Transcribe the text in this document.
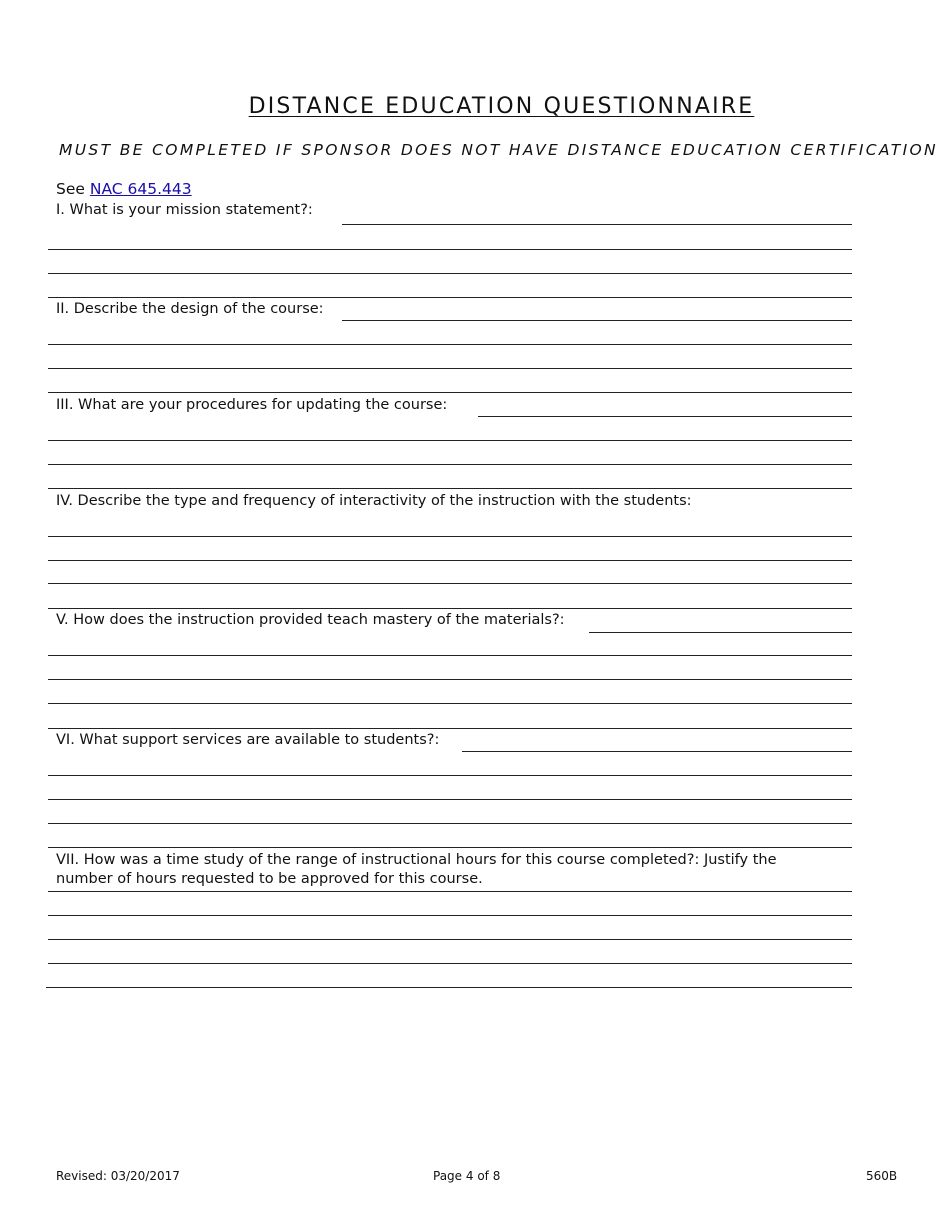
DISTANCE EDUCATION QUESTIONNAIRE
MUST BE COMPLETED IF SPONSOR DOES NOT HAVE DISTANCE EDUCATION CERTIFICATION
See NAC 645.443
I. What is your mission statement?:
II. Describe the design of the course:
III. What are your procedures for updating the course:
IV. Describe the type and frequency of interactivity of the instruction with the students:
V. How does the instruction provided teach mastery of the materials?:
VI. What support services are available to students?:
VII. How was a time study of the range of instructional hours for this course completed?: Justify the number of hours requested to be approved for this course.
Revised: 03/20/2017	Page 4 of 8	560B
